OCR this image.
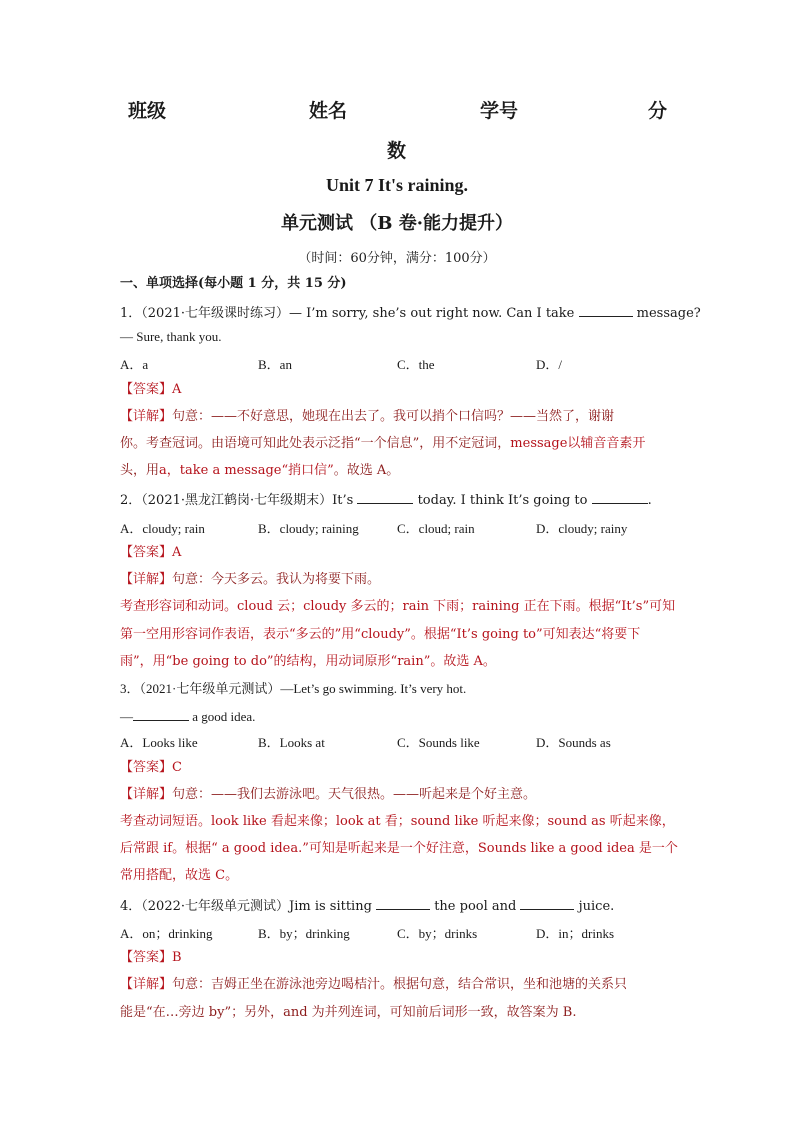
班级	姓名	学号	分
数
Unit 7 It's raining.
单元测试 （B 卷·能力提升）
（时间：60分钟，满分：100分）
一、单项选择(每小题 1 分，共 15 分)
1．（2021·七年级课时练习）— I’m sorry, she’s out right now. Can I take	message?
— Sure, thank you.
A．a	B．an	C．the	D．/
【答案】A
【详解】句意：——不好意思，她现在出去了。我可以捎个口信吗？——当然了，谢谢
你。考查冠词。由语境可知此处表示泛指“一个信息”，用不定冠词，message以辅音音素开
头，用a，take a message“捎口信”。故选 A。
2．（2021·黑龙江鹤岗·七年级期末）It’s	today. I think It’s going to	.
A．cloudy; rain	B．cloudy; raining	C．cloud; rain	D．cloudy; rainy
【答案】A
【详解】句意：今天多云。我认为将要下雨。
考查形容词和动词。cloud 云；cloudy 多云的；rain 下雨；raining 正在下雨。根据“It’s”可知
第一空用形容词作表语，表示“多云的”用“cloudy”。根据“It’s going to”可知表达“将要下
雨”，用“be going to do”的结构，用动词原形“rain”。故选 A。
3．（2021·七年级单元测试）—Let’s go swimming. It’s very hot.
—	a good idea.
A．Looks like	B．Looks at	C．Sounds like	D．Sounds as
【答案】C
【详解】句意：——我们去游泳吧。天气很热。——听起来是个好主意。
考查动词短语。look like 看起来像；look at 看；sound like 听起来像；sound as 听起来像，
后常跟 if。根据“ a good idea.”可知是听起来是一个好注意，Sounds like a good idea 是一个
常用搭配，故选 C。
4．（2022·七年级单元测试）Jim is sitting	the pool and	juice.
A．on；drinking	B．by；drinking	C．by；drinks	D．in；drinks
【答案】B
【详解】句意：吉姆正坐在游泳池旁边喝桔汁。根据句意，结合常识，坐和池塘的关系只
能是“在…旁边 by”；另外，and 为并列连词，可知前后词形一致，故答案为 B.
